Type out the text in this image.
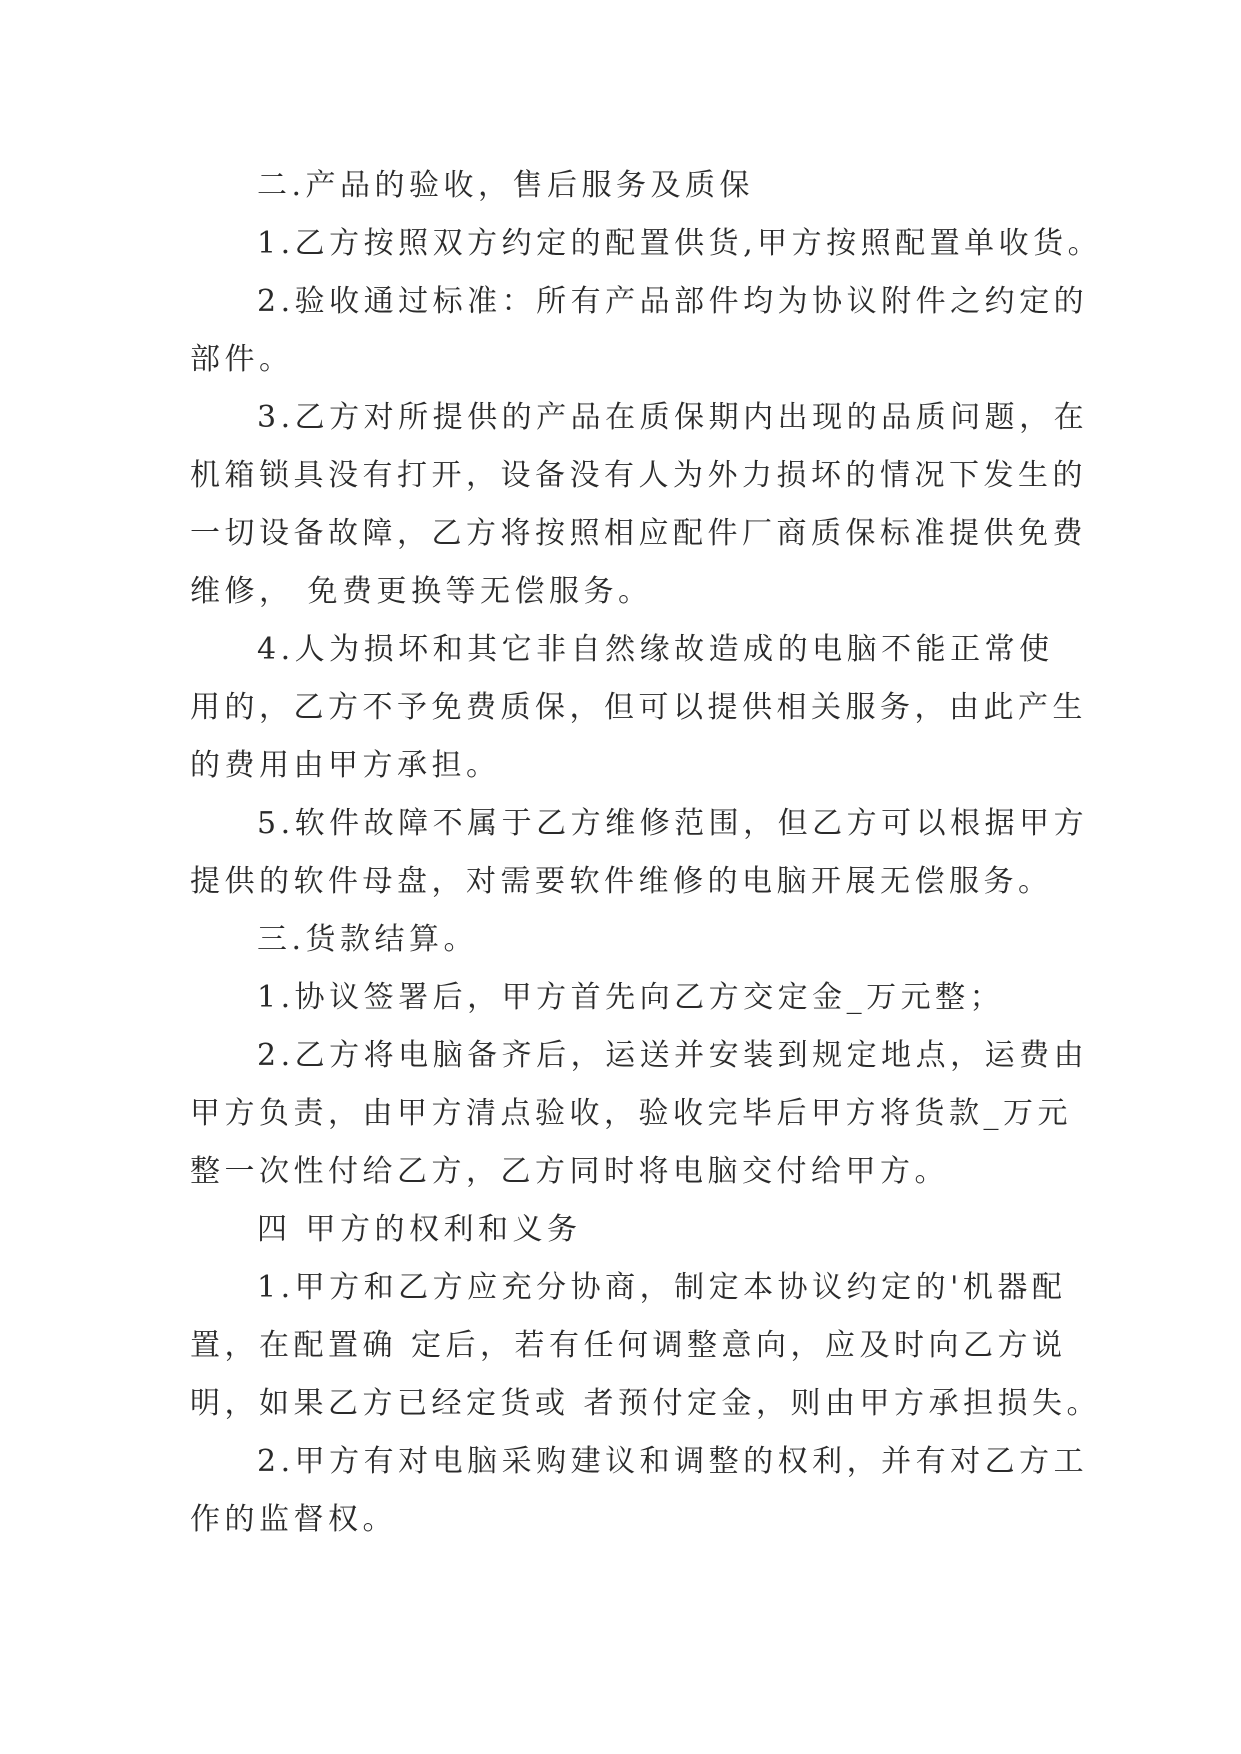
二.产品的验收，售后服务及质保
1.乙方按照双方约定的配置供货,甲方按照配置单收货。
2.验收通过标准：所有产品部件均为协议附件之约定的
部件。
3.乙方对所提供的产品在质保期内出现的品质问题，在
机箱锁具没有打开，设备没有人为外力损坏的情况下发生的
一切设备故障，乙方将按照相应配件厂商质保标准提供免费
维修， 免费更换等无偿服务。
4.人为损坏和其它非自然缘故造成的电脑不能正常使
用的，乙方不予免费质保，但可以提供相关服务，由此产生
的费用由甲方承担。
5.软件故障不属于乙方维修范围，但乙方可以根据甲方
提供的软件母盘，对需要软件维修的电脑开展无偿服务。
三.货款结算。
1.协议签署后，甲方首先向乙方交定金_万元整；
2.乙方将电脑备齐后，运送并安装到规定地点，运费由
甲方负责，由甲方清点验收，验收完毕后甲方将货款_万元
整一次性付给乙方，乙方同时将电脑交付给甲方。
四 甲方的权利和义务
1.甲方和乙方应充分协商，制定本协议约定的'机器配
置，在配置确 定后，若有任何调整意向，应及时向乙方说
明，如果乙方已经定货或 者预付定金，则由甲方承担损失。
2.甲方有对电脑采购建议和调整的权利，并有对乙方工
作的监督权。
